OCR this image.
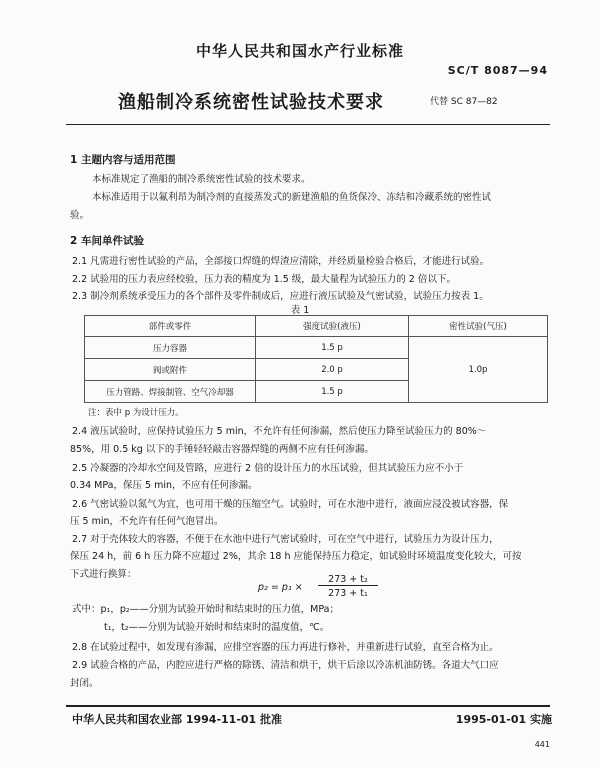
中华人民共和国水产行业标准
SC/T 8087—94
渔船制冷系统密性试验技术要求	代替 SC 87—82
1 主题内容与适用范围
本标准规定了渔船的制冷系统密性试验的技术要求。
本标准适用于以氟利昂为制冷剂的直接蒸发式的新建渔船的鱼货保冷、冻结和冷藏系统的密性试
验。
2 车间单件试验
2.1 凡需进行密性试验的产品，全部接口焊缝的焊渣应清除，并经质量检验合格后，才能进行试验。
2.2 试验用的压力表应经校验，压力表的精度为 1.5 级，最大量程为试验压力的 2 倍以下。
2.3 制冷剂系统承受压力的各个部件及零件制成后，应进行液压试验及气密试验，试验压力按表 1。
表 1
部件或零件	强度试验(液压)	密性试验(气压)
压力容器	1.5 p	1.0p
阀或附件	2.0 p	
压力管路、焊接制管、空气冷却器	1.5 p	
注：表中 p 为设计压力。
2.4 液压试验时，应保持试验压力 5 min，不允许有任何渗漏，然后使压力降至试验压力的 80%～
85%，用 0.5 kg 以下的手锤轻轻敲击容器焊缝的两侧不应有任何渗漏。
2.5 冷凝器的冷却水空间及管路，应进行 2 倍的设计压力的水压试验，但其试验压力应不小于
0.34 MPa，保压 5 min，不应有任何渗漏。
2.6 气密试验以氮气为宜，也可用干燥的压缩空气。试验时，可在水池中进行，液面应浸没被试容器，保
压 5 min，不允许有任何气泡冒出。
2.7 对于壳体较大的容器，不便于在水池中进行气密试验时，可在空气中进行，试验压力为设计压力，
保压 24 h，前 6 h 压力降不应超过 2%，其余 18 h 应能保持压力稳定，如试验时环境温度变化较大，可按
下式进行换算：
p₂ = p₁ ×
273 + t₂
273 + t₁
式中：p₁，p₂——分别为试验开始时和结束时的压力值，MPa；
t₁，t₂——分别为试验开始时和结束时的温度值，℃。
2.8 在试验过程中，如发现有渗漏，应排空容器的压力再进行修补，并重新进行试验，直至合格为止。
2.9 试验合格的产品，内腔应进行严格的除锈、清洁和烘干，烘干后涂以冷冻机油防锈。各道大气口应
封闭。
中华人民共和国农业部 1994-11-01 批准	1995-01-01 实施
441
